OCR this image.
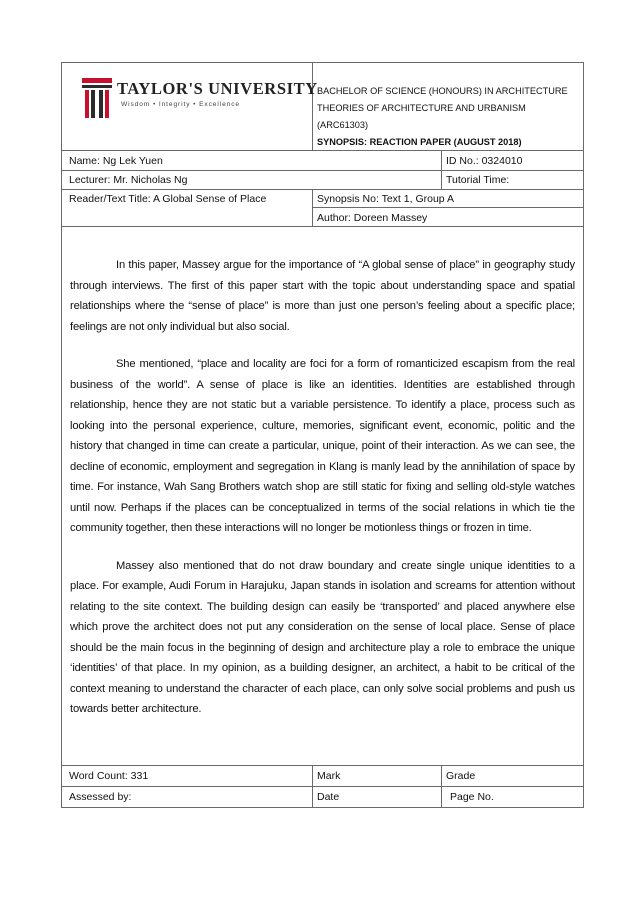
TAYLOR'S UNIVERSITY
Wisdom • Integrity • Excellence
BACHELOR OF SCIENCE (HONOURS) IN ARCHITECTURE
THEORIES OF ARCHITECTURE AND URBANISM
(ARC61303)
SYNOPSIS: REACTION PAPER (AUGUST 2018)
Name: Ng Lek Yuen	ID No.: 0324010
Lecturer: Mr. Nicholas Ng	Tutorial Time:
Reader/Text Title: A Global Sense of Place	Synopsis No: Text 1, Group A
Author: Doreen Massey

In this paper, Massey argue for the importance of “A global sense of place” in geography study through interviews. The first of this paper start with the topic about understanding space and spatial relationships where the “sense of place” is more than just one person’s feeling about a specific place; feelings are not only individual but also social.

She mentioned, “place and locality are foci for a form of romanticized escapism from the real business of the world”. A sense of place is like an identities. Identities are established through relationship, hence they are not static but a variable persistence. To identify a place, process such as looking into the personal experience, culture, memories, significant event, economic, politic and the history that changed in time can create a particular, unique, point of their interaction. As we can see, the decline of economic, employment and segregation in Klang is manly lead by the annihilation of space by time. For instance, Wah Sang Brothers watch shop are still static for fixing and selling old-style watches until now. Perhaps if the places can be conceptualized in terms of the social relations in which tie the community together, then these interactions will no longer be motionless things or frozen in time.

Massey also mentioned that do not draw boundary and create single unique identities to a place. For example, Audi Forum in Harajuku, Japan stands in isolation and screams for attention without relating to the site context. The building design can easily be ‘transported’ and placed anywhere else which prove the architect does not put any consideration on the sense of local place. Sense of place should be the main focus in the beginning of design and architecture play a role to embrace the unique ‘identities’ of that place. In my opinion, as a building designer, an architect, a habit to be critical of the context meaning to understand the character of each place, can only solve social problems and push us towards better architecture.

Word Count: 331	Mark	Grade
Assessed by:	Date	Page No.
